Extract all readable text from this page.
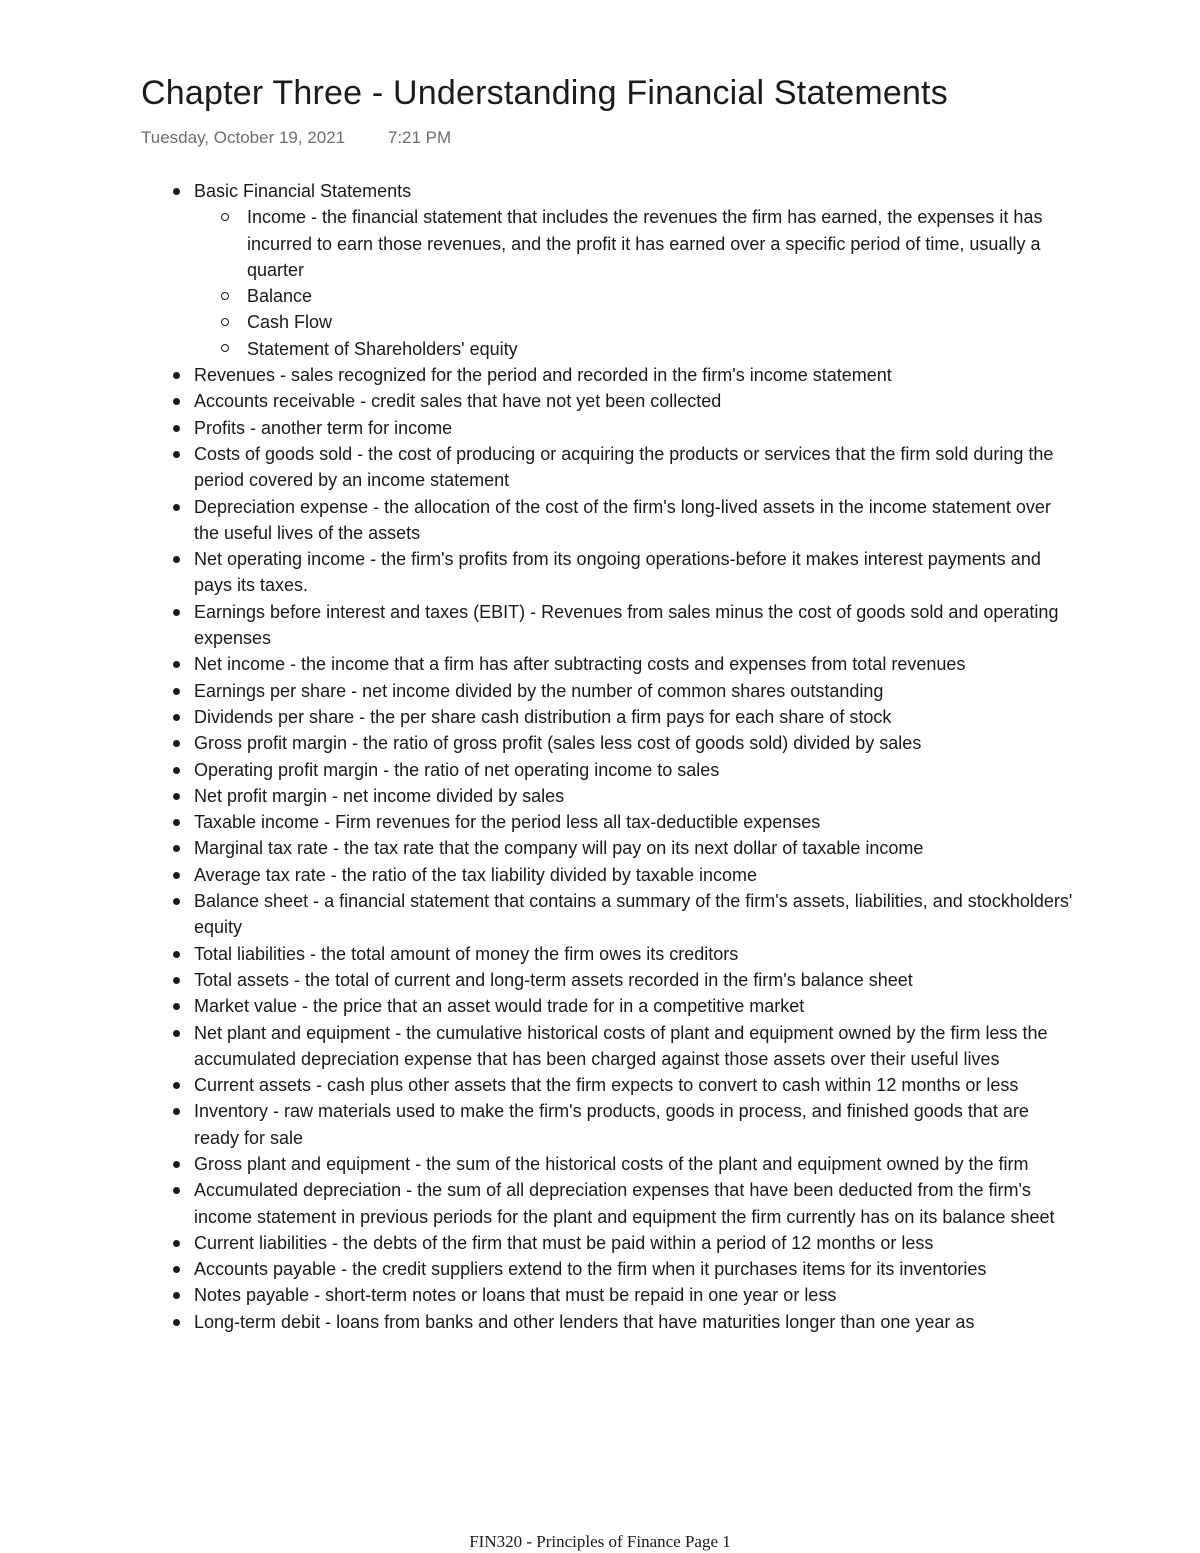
Chapter Three - Understanding Financial Statements
Tuesday, October 19, 2021	7:21 PM
Basic Financial Statements
Income - the financial statement that includes the revenues the firm has earned, the expenses it has incurred to earn those revenues, and the profit it has earned over a specific period of time, usually a quarter
Balance
Cash Flow
Statement of Shareholders' equity
Revenues - sales recognized for the period and recorded in the firm's income statement
Accounts receivable - credit sales that have not yet been collected
Profits - another term for income
Costs of goods sold - the cost of producing or acquiring the products or services that the firm sold during the period covered by an income statement
Depreciation expense - the allocation of the cost of the firm's long-lived assets in the income statement over the useful lives of the assets
Net operating income - the firm's profits from its ongoing operations-before it makes interest payments and pays its taxes.
Earnings before interest and taxes (EBIT) - Revenues from sales minus the cost of goods sold and operating expenses
Net income - the income that a firm has after subtracting costs and expenses from total revenues
Earnings per share - net income divided by the number of common shares outstanding
Dividends per share - the per share cash distribution a firm pays for each share of stock
Gross profit margin - the ratio of gross profit (sales less cost of goods sold) divided by sales
Operating profit margin - the ratio of net operating income to sales
Net profit margin - net income divided by sales
Taxable income - Firm revenues for the period less all tax-deductible expenses
Marginal tax rate - the tax rate that the company will pay on its next dollar of taxable income
Average tax rate - the ratio of the tax liability divided by taxable income
Balance sheet - a financial statement that contains a summary of the firm's assets, liabilities, and stockholders' equity
Total liabilities - the total amount of money the firm owes its creditors
Total assets - the total of current and long-term assets recorded in the firm's balance sheet
Market value - the price that an asset would trade for in a competitive market
Net plant and equipment - the cumulative historical costs of plant and equipment owned by the firm less the accumulated depreciation expense that has been charged against those assets over their useful lives
Current assets - cash plus other assets that the firm expects to convert to cash within 12 months or less
Inventory - raw materials used to make the firm's products, goods in process, and finished goods that are ready for sale
Gross plant and equipment - the sum of the historical costs of the plant and equipment owned by the firm
Accumulated depreciation - the sum of all depreciation expenses that have been deducted from the firm's income statement in previous periods for the plant and equipment the firm currently has on its balance sheet
Current liabilities - the debts of the firm that must be paid within a period of 12 months or less
Accounts payable - the credit suppliers extend to the firm when it purchases items for its inventories
Notes payable - short-term notes or loans that must be repaid in one year or less
Long-term debit - loans from banks and other lenders that have maturities longer than one year as
FIN320 - Principles of Finance Page 1
